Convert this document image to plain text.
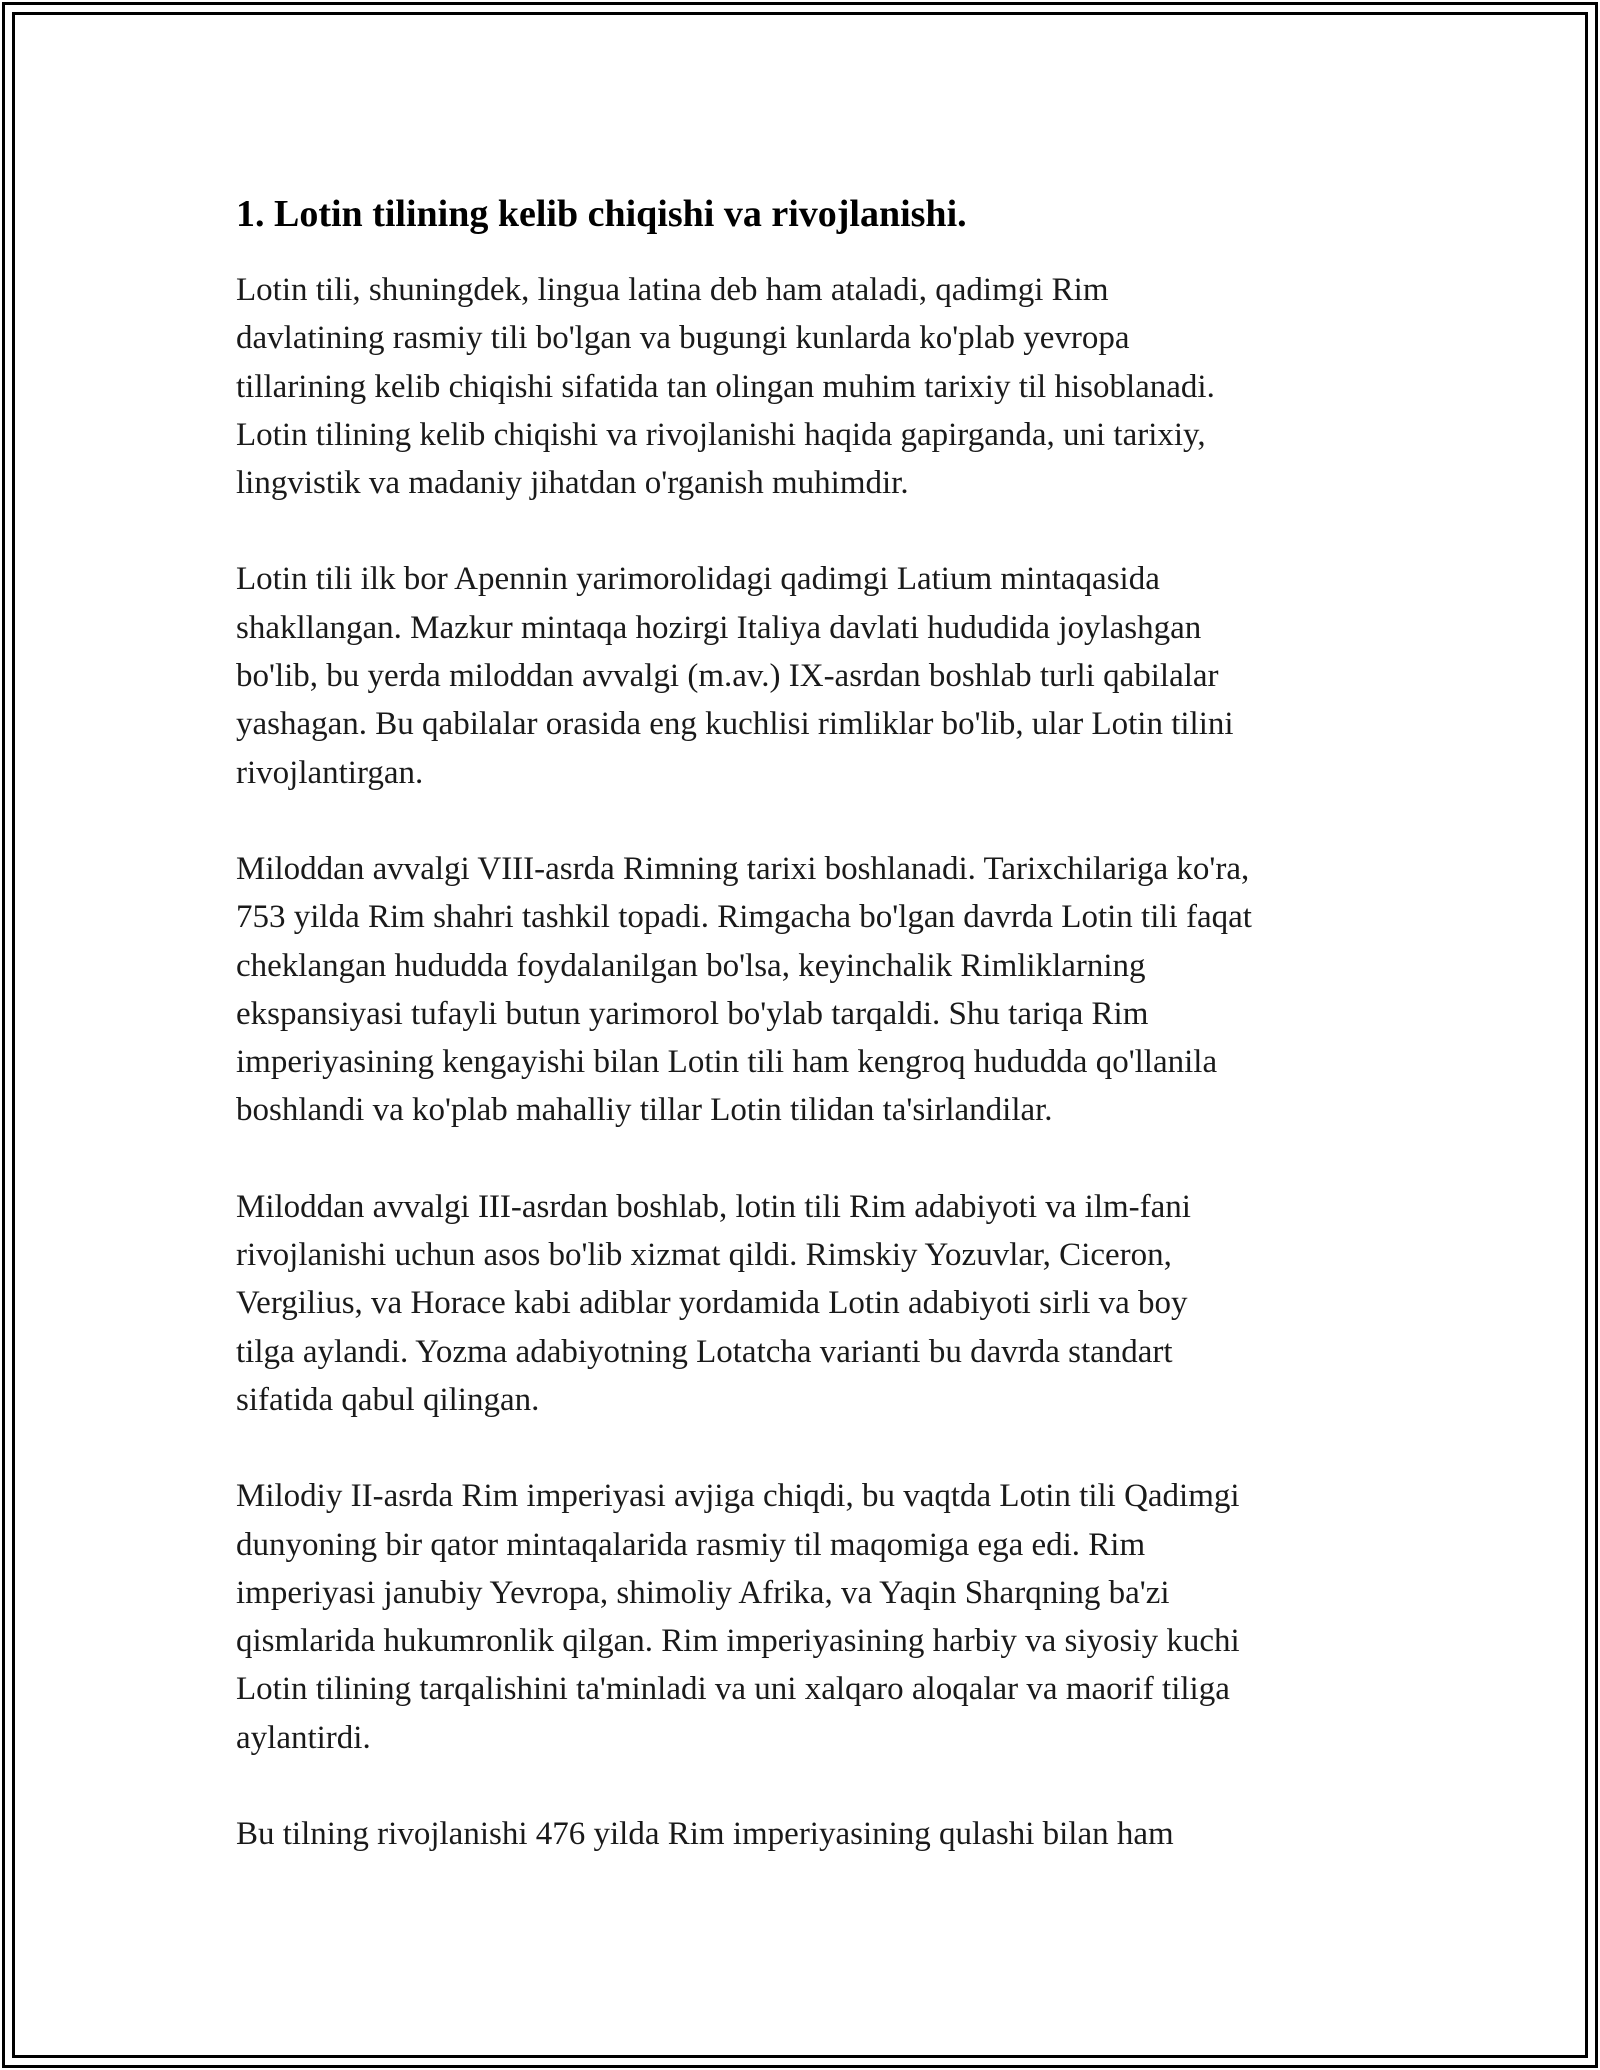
1. Lotin tilining kelib chiqishi va rivojlanishi.

Lotin tili, shuningdek, lingua latina deb ham ataladi, qadimgi Rim
davlatining rasmiy tili bo'lgan va bugungi kunlarda ko'plab yevropa
tillarining kelib chiqishi sifatida tan olingan muhim tarixiy til hisoblanadi.
Lotin tilining kelib chiqishi va rivojlanishi haqida gapirganda, uni tarixiy,
lingvistik va madaniy jihatdan o'rganish muhimdir.

Lotin tili ilk bor Apennin yarimorolidagi qadimgi Latium mintaqasida
shakllangan. Mazkur mintaqa hozirgi Italiya davlati hududida joylashgan
bo'lib, bu yerda miloddan avvalgi (m.av.) IX-asrdan boshlab turli qabilalar
yashagan. Bu qabilalar orasida eng kuchlisi rimliklar bo'lib, ular Lotin tilini
rivojlantirgan.

Miloddan avvalgi VIII-asrda Rimning tarixi boshlanadi. Tarixchilariga ko'ra,
753 yilda Rim shahri tashkil topadi. Rimgacha bo'lgan davrda Lotin tili faqat
cheklangan hududda foydalanilgan bo'lsa, keyinchalik Rimliklarning
ekspansiyasi tufayli butun yarimorol bo'ylab tarqaldi. Shu tariqa Rim
imperiyasining kengayishi bilan Lotin tili ham kengroq hududda qo'llanila
boshlandi va ko'plab mahalliy tillar Lotin tilidan ta'sirlandilar.

Miloddan avvalgi III-asrdan boshlab, lotin tili Rim adabiyoti va ilm-fani
rivojlanishi uchun asos bo'lib xizmat qildi. Rimskiy Yozuvlar, Ciceron,
Vergilius, va Horace kabi adiblar yordamida Lotin adabiyoti sirli va boy
tilga aylandi. Yozma adabiyotning Lotatcha varianti bu davrda standart
sifatida qabul qilingan.

Milodiy II-asrda Rim imperiyasi avjiga chiqdi, bu vaqtda Lotin tili Qadimgi
dunyoning bir qator mintaqalarida rasmiy til maqomiga ega edi. Rim
imperiyasi janubiy Yevropa, shimoliy Afrika, va Yaqin Sharqning ba'zi
qismlarida hukumronlik qilgan. Rim imperiyasining harbiy va siyosiy kuchi
Lotin tilining tarqalishini ta'minladi va uni xalqaro aloqalar va maorif tiliga
aylantirdi.

Bu tilning rivojlanishi 476 yilda Rim imperiyasining qulashi bilan ham
